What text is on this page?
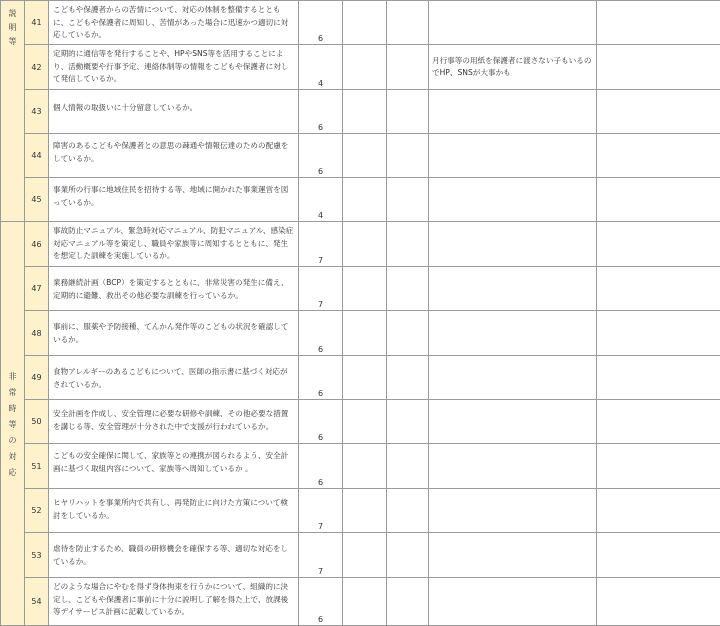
説明等	41	こどもや保護者からの苦情について、対応の体制を整備するとともに、こどもや保護者に周知し、苦情があった場合に迅速かつ適切に対応しているか。	6				
	42	定期的に通信等を発行することや、HPやSNS等を活用することにより、活動概要や行事予定、連絡体制等の情報をこどもや保護者に対して発信しているか。	4			月行事等の用紙を保護者に渡さない子もいるのでHP、SNSが大事かも	
	43	個人情報の取扱いに十分留意しているか。	6				
	44	障害のあるこどもや保護者との意思の疎通や情報伝達のための配慮をしているか。	6				
	45	事業所の行事に地域住民を招待する等、地域に開かれた事業運営を図っているか。	4				
非常時等の対応	46	事故防止マニュアル、緊急時対応マニュアル、防犯マニュアル、感染症対応マニュアル等を策定し、職員や家族等に周知するとともに、発生を想定した訓練を実施しているか。	7				
	47	業務継続計画（BCP）を策定するとともに、非常災害の発生に備え、定期的に避難、救出その他必要な訓練を行っているか。	7				
	48	事前に、服薬や予防接種、てんかん発作等のこどもの状況を確認しているか。	6				
	49	食物アレルギーのあるこどもについて、医師の指示書に基づく対応がされているか。	6				
	50	安全計画を作成し、安全管理に必要な研修や訓練、その他必要な措置を講じる等、安全管理が十分された中で支援が行われているか。	6				
	51	こどもの安全確保に関して、家族等との連携が図られるよう、安全計画に基づく取組内容について、家族等へ周知しているか 。	6				
	52	ヒヤリハットを事業所内で共有し、再発防止に向けた方策について検討をしているか。	7				
	53	虐待を防止するため、職員の研修機会を確保する等、適切な対応をしているか。	7				
	54	どのような場合にやむを得ず身体拘束を行うかについて、組織的に決定し、こどもや保護者に事前に十分に説明し了解を得た上で、放課後等デイサービス計画に記載しているか。	6				
